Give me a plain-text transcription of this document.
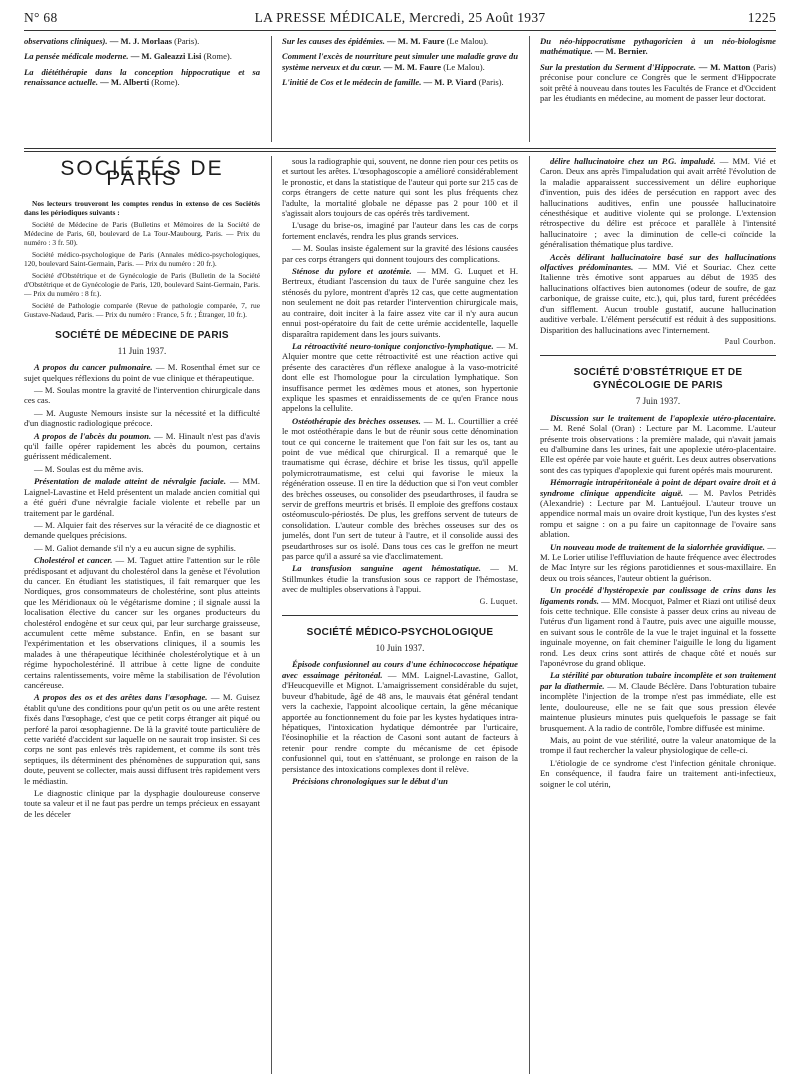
N° 68	LA PRESSE MÉDICALE, Mercredi, 25 Août 1937	1225

observations cliniques). — M. J. Morlaas (Paris).

La pensée médicale moderne. — M. Galeazzi Lisi (Rome).

La diététhérapie dans la conception hippocratique et sa renaissance actuelle. — M. Alberti (Rome).

Sur les causes des épidémies. — M. M. Faure (Le Malou).

Comment l'excès de nourriture peut simuler une maladie grave du système nerveux et du cœur. — M. M. Faure (Le Malou).

L'initié de Cos et le médecin de famille. — M. P. Viard (Paris).

Du néo-hippocratisme pythagoricien à un néo-biologisme mathématique. — M. Bernier.

Sur la prestation du Serment d'Hippocrate. — M. Matton (Paris) préconise pour conclure ce Congrès que le serment d'Hippocrate soit prêté à nouveau dans toutes les Facultés de France et d'Occident par les étudiants en médecine, au moment de passer leur doctorat.

SOCIÉTÉS DE PARIS

Nos lecteurs trouveront les comptes rendus in extenso de ces Sociétés dans les périodiques suivants :

Société de Médecine de Paris (Bulletins et Mémoires de la Société de Médecine de Paris, 60, boulevard de La Tour-Maubourg, Paris. — Prix du numéro : 3 fr. 50).

Société médico-psychologique de Paris (Annales médico-psychologiques, 120, boulevard Saint-Germain, Paris. — Prix du numéro : 20 fr.).

Société d'Obstétrique et de Gynécologie de Paris (Bulletin de la Société d'Obstétrique et de Gynécologie de Paris, 120, boulevard Saint-Germain, Paris. — Prix du numéro : 8 fr.).

Société de Pathologie comparée (Revue de pathologie comparée, 7, rue Gustave-Nadaud, Paris. — Prix du numéro : France, 5 fr. ; Étranger, 10 fr.).

SOCIÉTÉ DE MÉDECINE DE PARIS
11 Juin 1937.

A propos du cancer pulmonaire. — M. Rosenthal émet sur ce sujet quelques réflexions du point de vue clinique et thérapeutique.

— M. Soulas montre la gravité de l'intervention chirurgicale dans ces cas.

— M. Auguste Nemours insiste sur la nécessité et la difficulté d'un diagnostic radiologique précoce.

A propos de l'abcès du poumon. — M. Hinault n'est pas d'avis qu'il faille opérer rapidement les abcès du poumon, certains guérissent médicalement.

— M. Soulas est du même avis.

Présentation de malade atteint de névralgie faciale. — MM. Laignel-Lavastine et Held présentent un malade ancien comitial qui a été guéri d'une névralgie faciale violente et rebelle par un traitement par le gardénal.

— M. Alquier fait des réserves sur la véracité de ce diagnostic et demande quelques précisions.

— M. Galiot demande s'il n'y a eu aucun signe de syphilis.

Cholestérol et cancer. — M. Taguet attire l'attention sur le rôle prédisposant et adjuvant du cholestérol dans la genèse et l'évolution du cancer. En étudiant les statistiques, il fait remarquer que les Nordiques, gros consommateurs de cholestérine, sont plus atteints que les Méridionaux où le végétarisme domine ; il signale aussi la localisation élective du cancer sur les organes producteurs du cholestérol endogène et sur ceux qui, par leur surcharge graisseuse, accumulent cette même substance. Enfin, en se basant sur l'expérimentation et les observations cliniques, il a soumis les malades à une thérapeutique lécithinée cholestérolytique et à un régime hypocholestériné. Il attribue à cette ligne de conduite certains ralentissements, voire même la stabilisation de l'évolution cancéreuse.

A propos des os et des arêtes dans l'œsophage. — M. Guisez établit qu'une des conditions pour qu'un petit os ou une arête restent fixés dans l'œsophage, c'est que ce petit corps étranger ait piqué ou perforé la paroi œsophagienne. De là la gravité toute particulière de cette variété d'accident sur laquelle on ne saurait trop insister. Si ces corps ne sont pas enlevés très rapidement, et comme ils sont très septiques, ils déterminent des phénomènes de suppuration qui, sans doute, peuvent se collecter, mais aussi diffusent très rapidement vers le médiastin.

Le diagnostic clinique par la dysphagie douloureuse conserve toute sa valeur et il ne faut pas perdre un temps précieux en essayant de les déceler

sous la radiographie qui, souvent, ne donne rien pour ces petits os et surtout les arêtes. L'œsophagoscopie a amélioré considérablement le pronostic, et dans la statistique de l'auteur qui porte sur 215 cas de corps étrangers de cette nature qui sont les plus fréquents chez l'adulte, la mortalité globale ne dépasse pas 2 pour 100 et il s'agissait alors toujours de cas opérés très tardivement.

L'usage du brise-os, imaginé par l'auteur dans les cas de corps fortement enclavés, rendra les plus grands services.

— M. Soulas insiste également sur la gravité des lésions causées par ces corps étrangers qui donnent toujours des complications.

Sténose du pylore et azotémie. — MM. G. Luquet et H. Bertreux, étudiant l'ascension du taux de l'urée sanguine chez les sténosés du pylore, montrent d'après 12 cas, que cette augmentation non seulement ne doit pas retarder l'intervention chirurgicale mais, au contraire, doit inciter à la faire assez vite car il n'y aura aucun ennui post-opératoire du fait de cette urémie accidentelle, laquelle disparaîtra rapidement dans les jours suivants.

La rétroactivité neuro-tonique conjonctivo-lymphatique. — M. Alquier montre que cette rétroactivité est une réaction active qui présente des caractères d'un réflexe analogue à la vaso-motricité dont elle est l'homologue pour la circulation lymphatique. Son insuffisance permet les œdèmes mous et atones, son hypertonie explique les spasmes et enraidissements de ce qu'en France nous appelons la cellulite.

Ostéothérapie des brèches osseuses. — M. L. Courtillier a créé le mot ostéothérapie dans le but de réunir sous cette dénomination tout ce qui concerne le traitement que l'on fait sur les os, tant au point de vue médical que chirurgical. Il a remarqué que le traumatisme qui écrase, déchire et brise les tissus, qu'il appelle polymicrotraumatisme, est celui qui favorise le mieux la régénération osseuse. Il en tire la déduction que si l'on veut combler des brèches osseuses, ou consolider des pseudarthroses, il faudra se servir de greffons meurtris et brisés. Il emploie des greffons costaux ostéomusculo-périostés. De plus, les greffons servent de tuteurs de consolidation. L'auteur comble des brèches osseuses sur des os jumelés, dont l'un sert de tuteur à l'autre, et il consolide aussi des pseudarthroses sur os isolé. Dans tous ces cas le greffon ne meurt pas parce qu'il a assuré sa vie d'acclimatement.

La transfusion sanguine agent hémostatique. — M. Stillmunkes étudie la transfusion sous ce rapport de l'hémostase, avec de multiples observations à l'appui.

G. Luquet.
SOCIÉTÉ MÉDICO-PSYCHOLOGIQUE
10 Juin 1937.

Épisode confusionnel au cours d'une échinococcose hépatique avec essaimage péritonéal. — MM. Laignel-Lavastine, Gallot, d'Heucqueville et Mignot. L'amaigrissement considérable du sujet, buveur d'habitude, âgé de 48 ans, le mauvais état général tendant vers la cachexie, l'appoint alcoolique certain, la gêne mécanique apportée au fonctionnement du foie par les kystes hydatiques intra-hépatiques, l'intoxication hydatique démontrée par l'urticaire, l'éosinophilie et la réaction de Casoni sont autant de facteurs à retenir pour rendre compte du mécanisme de cet épisode confusionnel qui, tout en s'atténuant, se prolonge en raison de la persistance des intoxications complexes dont il relève.

Précisions chronologiques sur le début d'un

délire hallucinatoire chez un P.G. impaludé. — MM. Vié et Caron. Deux ans après l'impaludation qui avait arrêté l'évolution de la maladie apparaissent successivement un délire euphorique d'invention, puis des idées de persécution en rapport avec des hallucinations auditives, enfin une poussée hallucinatoire cénesthésique et auditive violente qui se prolonge. L'extension rétrospective du délire est précoce et parallèle à l'intensité hallucinatoire ; avec la diminution de celle-ci coïncide la généralisation thématique plus tardive.

Accès délirant hallucinatoire basé sur des hallucinations olfactives prédominantes. — MM. Vié et Souriac. Chez cette Italienne très émotive sont apparues au début de 1935 des hallucinations olfactives bien autonomes (odeur de soufre, de gaz carbonique, de graisse cuite, etc.), qui, plus tard, furent précédées d'un sifflement. Aucun trouble gustatif, aucune hallucination auditive verbale. L'élément persécutif est réduit à des suppositions. Disparition des hallucinations avec l'internement.

Paul Courbon.
SOCIÉTÉ D'OBSTÉTRIQUE ET DE GYNÉCOLOGIE DE PARIS
7 Juin 1937.

Discussion sur le traitement de l'apoplexie utéro-placentaire. — M. René Solal (Oran) : Lecture par M. Lacomme. L'auteur présente trois observations : la première malade, qui n'avait jamais eu d'albumine dans les urines, fait une apoplexie utéro-placentaire. Elle est opérée par voie haute et guérit. Les deux autres observations sont des cas typiques d'apoplexie qui furent opérés mais moururent.

Hémorragie intrapéritonéale à point de départ ovaire droit et à syndrome clinique appendicite aiguë. — M. Pavlos Petridès (Alexandrie) : Lecture par M. Lantuéjoul. L'auteur trouve un appendice normal mais un ovaire droit kystique, l'un des kystes s'est rompu et saigne : on a pu faire un capitonnage de l'ovaire sans ablation.

Un nouveau mode de traitement de la sialorrhée gravidique. — M. Le Lorier utilise l'effluviation de haute fréquence avec électrodes de Mac Intyre sur les régions parotidiennes et sous-maxillaire. En deux ou trois séances, l'auteur obtient la guérison.

Un procédé d'hystéropexie par coulissage de crins dans les ligaments ronds. — MM. Mocquot, Palmer et Riazi ont utilisé deux fois cette technique. Elle consiste à passer deux crins au niveau de l'utérus d'un ligament rond à l'autre, puis avec une aiguille mousse, en suivant sous le contrôle de la vue le trajet inguinal et la fossette inguinale moyenne, on fait cheminer l'aiguille le long du ligament rond. Les deux crins sont attirés de chaque côté et noués sur l'aponévrose du grand oblique.

La stérilité par obturation tubaire incomplète et son traitement par la diathermie. — M. Claude Béclère. Dans l'obturation tubaire incomplète l'injection de la trompe n'est pas immédiate, elle est lente, douloureuse, elle ne se fait que sous pression élevée maintenue plusieurs minutes puis quelquefois le passage se fait brusquement. A la radio de contrôle, l'ombre diffusée est minime.

Mais, au point de vue stérilité, outre la valeur anatomique de la trompe il faut rechercher la valeur physiologique de celle-ci.

L'étiologie de ce syndrome c'est l'infection génitale chronique. En conséquence, il faudra faire un traitement anti-infectieux, soigner le col utérin,
